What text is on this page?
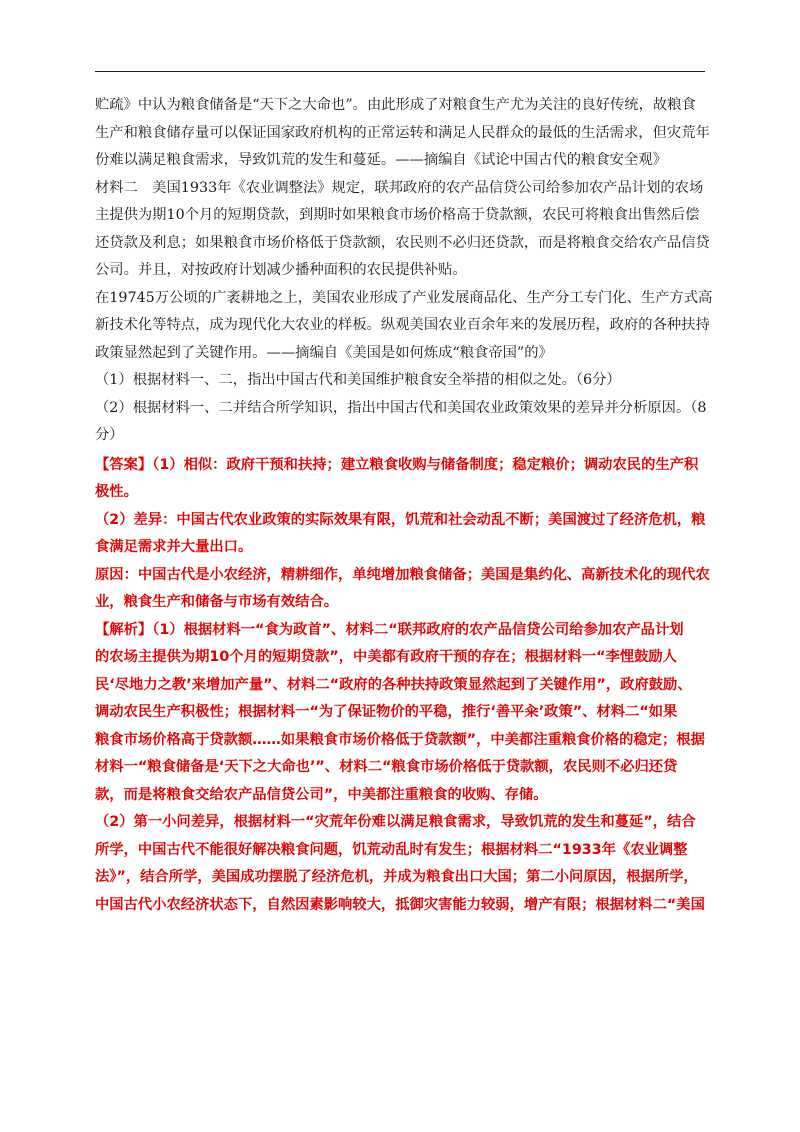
贮疏》中认为粮食储备是“天下之大命也”。由此形成了对粮食生产尤为关注的良好传统，故粮食
生产和粮食储存量可以保证国家政府机构的正常运转和满足人民群众的最低的生活需求，但灾荒年
份难以满足粮食需求，导致饥荒的发生和蔓延。——摘编自《试论中国古代的粮食安全观》
材料二　美国1933年《农业调整法》规定，联邦政府的农产品信贷公司给参加农产品计划的农场
主提供为期10个月的短期贷款，到期时如果粮食市场价格高于贷款额，农民可将粮食出售然后偿
还贷款及利息；如果粮食市场价格低于贷款额，农民则不必归还贷款，而是将粮食交给农产品信贷
公司。并且，对按政府计划减少播种面积的农民提供补贴。
在19745万公顷的广袤耕地之上，美国农业形成了产业发展商品化、生产分工专门化、生产方式高
新技术化等特点，成为现代化大农业的样板。纵观美国农业百余年来的发展历程，政府的各种扶持
政策显然起到了关键作用。——摘编自《美国是如何炼成“粮食帝国”的》
（1）根据材料一、二，指出中国古代和美国维护粮食安全举措的相似之处。（6分）
（2）根据材料一、二并结合所学知识，指出中国古代和美国农业政策效果的差异并分析原因。（8
分）
【答案】（1）相似：政府干预和扶持；建立粮食收购与储备制度；稳定粮价；调动农民的生产积
极性。
（2）差异：中国古代农业政策的实际效果有限，饥荒和社会动乱不断；美国渡过了经济危机，粮
食满足需求并大量出口。
原因：中国古代是小农经济，精耕细作，单纯增加粮食储备；美国是集约化、高新技术化的现代农
业，粮食生产和储备与市场有效结合。
【解析】（1）根据材料一“食为政首”、材料二“联邦政府的农产品信贷公司给参加农产品计划
的农场主提供为期10个月的短期贷款”，中美都有政府干预的存在；根据材料一“李悝鼓励人
民‘尽地力之教’来增加产量”、材料二“政府的各种扶持政策显然起到了关键作用”，政府鼓励、
调动农民生产积极性；根据材料一“为了保证物价的平稳，推行‘善平籴’政策”、材料二“如果
粮食市场价格高于贷款额……如果粮食市场价格低于贷款额”，中美都注重粮食价格的稳定；根据
材料一“粮食储备是‘天下之大命也’”、材料二“粮食市场价格低于贷款额，农民则不必归还贷
款，而是将粮食交给农产品信贷公司”，中美都注重粮食的收购、存储。
（2）第一小问差异，根据材料一“灾荒年份难以满足粮食需求，导致饥荒的发生和蔓延”，结合
所学，中国古代不能很好解决粮食问题，饥荒动乱时有发生；根据材料二“1933年《农业调整
法》”，结合所学，美国成功摆脱了经济危机，并成为粮食出口大国；第二小问原因，根据所学，
中国古代小农经济状态下，自然因素影响较大，抵御灾害能力较弱，增产有限；根据材料二“美国
